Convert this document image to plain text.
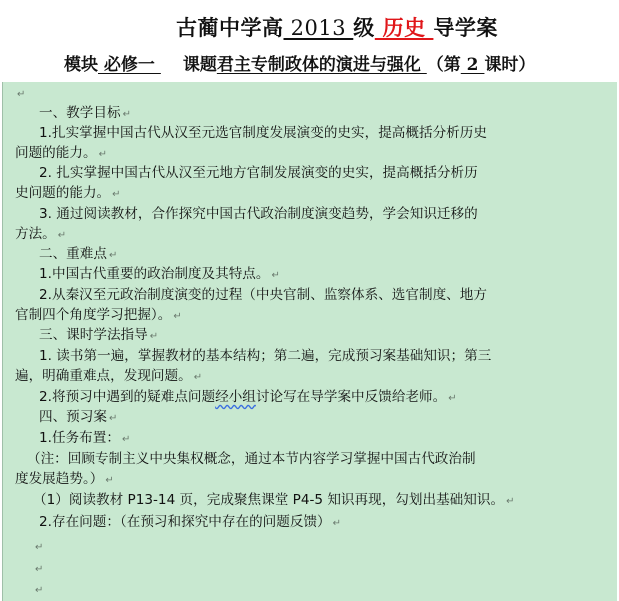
古蔺中学高 2013 级 历史 导学案
模块 必修一 课题君主专制政体的演进与强化 （第 2 课时）
↵
一、教学目标 ↵
1.扎实掌握中国古代从汉至元选官制度发展演变的史实，提高概括分析历史
问题的能力。 ↵
2. 扎实掌握中国古代从汉至元地方官制发展演变的史实，提高概括分析历
史问题的能力。 ↵
3. 通过阅读教材，合作探究中国古代政治制度演变趋势，学会知识迁移的
方法。 ↵
二、重难点 ↵
1.中国古代重要的政治制度及其特点。 ↵
2.从秦汉至元政治制度演变的过程（中央官制、监察体系、选官制度、地方
官制四个角度学习把握）。 ↵
三、课时学法指导 ↵
1. 读书第一遍，掌握教材的基本结构；第二遍，完成预习案基础知识；第三
遍，明确重难点，发现问题。 ↵
2.将预习中遇到的疑难点问题经小组讨论写在导学案中反馈给老师。 ↵
四、预习案 ↵
1.任务布置： ↵
（注：回顾专制主义中央集权概念，通过本节内容学习掌握中国古代政治制
度发展趋势。） ↵
（1）阅读教材 P13-14 页，完成聚焦课堂 P4-5 知识再现，勾划出基础知识。 ↵
2.存在问题：（在预习和探究中存在的问题反馈） ↵
↵
↵
↵
